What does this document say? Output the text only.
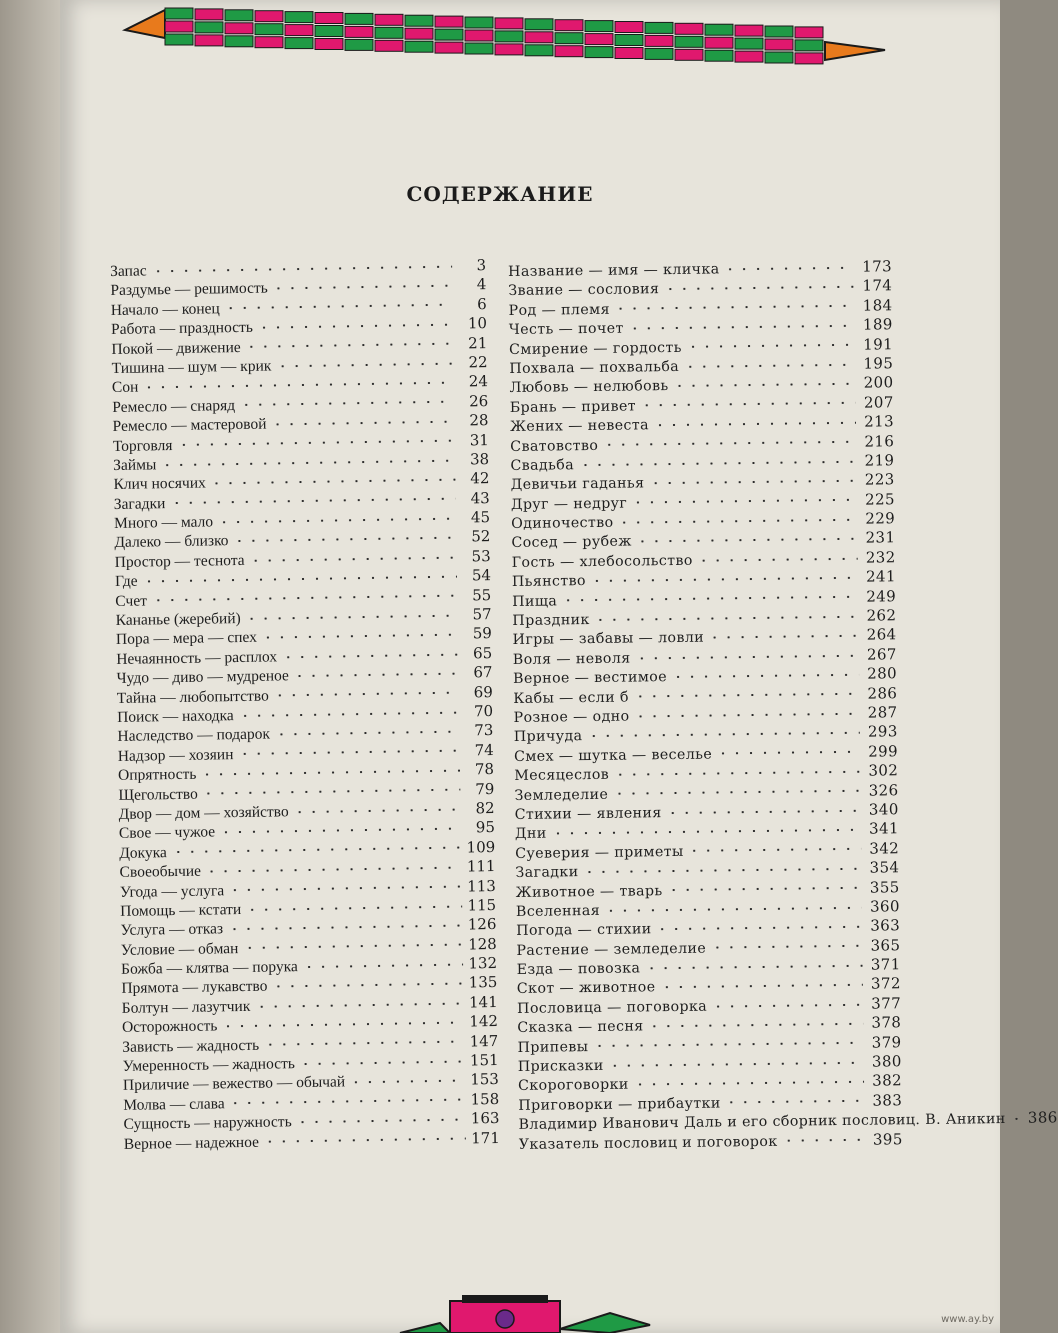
СОДЕРЖАНИЕ
Запас	3
Раздумье — решимость	4
Начало — конец	6
Работа — праздность	10
Покой — движение	21
Тишина — шум — крик	22
Сон	24
Ремесло — снаряд	26
Ремесло — мастеровой	28
Торговля	31
Займы	38
Клич носячих	42
Загадки	43
Много — мало	45
Далеко — близко	52
Простор — теснота	53
Где	54
Счет	55
Кананье (жеребий)	57
Пора — мера — спех	59
Нечаянность — расплох	65
Чудо — диво — мудреное	67
Тайна — любопытство	69
Поиск — находка	70
Наследство — подарок	73
Надзор — хозяин	74
Опрятность	78
Щегольство	79
Двор — дом — хозяйство	82
Свое — чужое	95
Докука	109
Своеобычие	111
Угода — услуга	113
Помощь — кстати	115
Услуга — отказ	126
Условие — обман	128
Божба — клятва — порука	132
Прямота — лукавство	135
Болтун — лазутчик	141
Осторожность	142
Зависть — жадность	147
Умеренность — жадность	151
Приличие — вежество — обычай	153
Молва — слава	158
Сущность — наружность	163
Верное — надежное	171
Название — имя — кличка	173
Звание — сословия	174
Род — племя	184
Честь — почет	189
Смирение — гордость	191
Похвала — похвальба	195
Любовь — нелюбовь	200
Брань — привет	207
Жених — невеста	213
Сватовство	216
Свадьба	219
Девичьи гаданья	223
Друг — недруг	225
Одиночество	229
Сосед — рубеж	231
Гость — хлебосольство	232
Пьянство	241
Пища	249
Праздник	262
Игры — забавы — ловли	264
Воля — неволя	267
Верное — вестимое	280
Кабы — если б	286
Розное — одно	287
Причуда	293
Смех — шутка — веселье	299
Месяцеслов	302
Земледелие	326
Стихии — явления	340
Дни	341
Суеверия — приметы	342
Загадки	354
Животное — тварь	355
Вселенная	360
Погода — стихии	363
Растение — земледелие	365
Езда — повозка	371
Скот — животное	372
Пословица — поговорка	377
Сказка — песня	378
Припевы	379
Присказки	380
Скороговорки	382
Приговорки — прибаутки	383
Владимир Иванович Даль и его сборник пословиц. В. Аникин 386
Указатель пословиц и поговорок	395
www.ay.by
